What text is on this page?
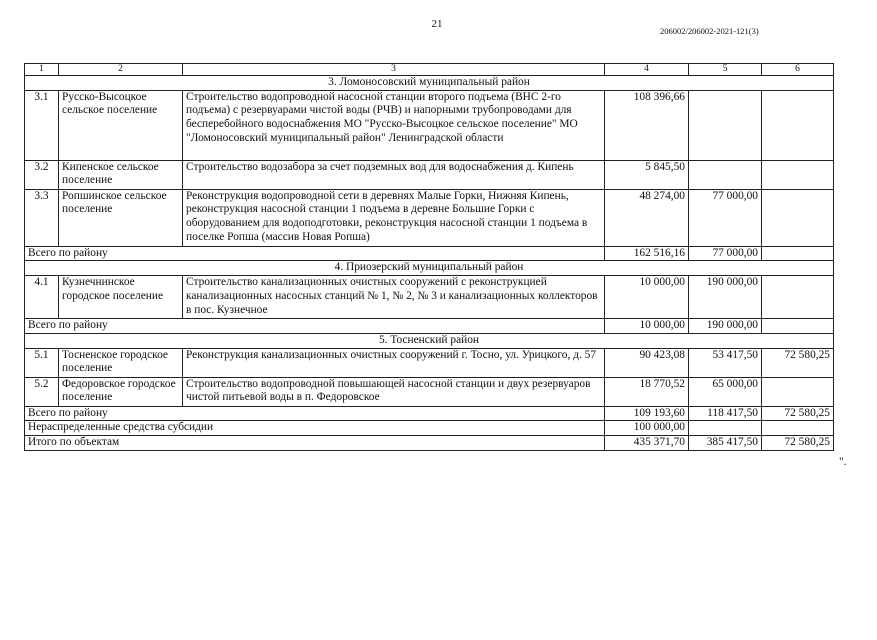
21
206002/206002-2021-121(3)
1	2	3	4	5	6
3. Ломоносовский муниципальный район					
3.1	Русско-Высоцкое сельское поселение	Строительство водопроводной насосной станции второго подъема (ВНС 2-го подъема) с резервуарами чистой воды (РЧВ) и напорными трубопроводами для бесперебойного водоснабжения МО "Русско-Высоцкое сельское поселение" МО "Ломоносовский муниципальный район" Ленинградской области	108 396,66		
3.2	Кипенское сельское поселение	Строительство водозабора за счет подземных вод для водоснабжения д. Кипень	5 845,50		
3.3	Ропшинское сельское поселение	Реконструкция водопроводной сети в деревнях Малые Горки, Нижняя Кипень, реконструкция насосной станции 1 подъема в деревне Большие Горки с оборудованием для водоподготовки, реконструкция насосной станции 1 подъема в поселке Ропша (массив Новая Ропша)	48 274,00	77 000,00	
Всего по району			162 516,16	77 000,00	
4. Приозерский муниципальный район					
4.1	Кузнечнинское городское поселение	Строительство канализационных очистных сооружений с реконструкцией канализационных насосных станций № 1, № 2, № 3 и канализационных коллекторов в пос. Кузнечное	10 000,00	190 000,00	
Всего по району			10 000,00	190 000,00	
5. Тосненский район					
5.1	Тосненское городское поселение	Реконструкция канализационных очистных сооружений г. Тосно, ул. Урицкого, д. 57	90 423,08	53 417,50	72 580,25
5.2	Федоровское городское поселение	Строительство водопроводной повышающей насосной станции и двух резервуаров чистой питьевой воды в п. Федоровское	18 770,52	65 000,00	
Всего по району			109 193,60	118 417,50	72 580,25
Нераспределенные средства субсидии			100 000,00		
Итого по объектам			435 371,70	385 417,50	72 580,25
".
